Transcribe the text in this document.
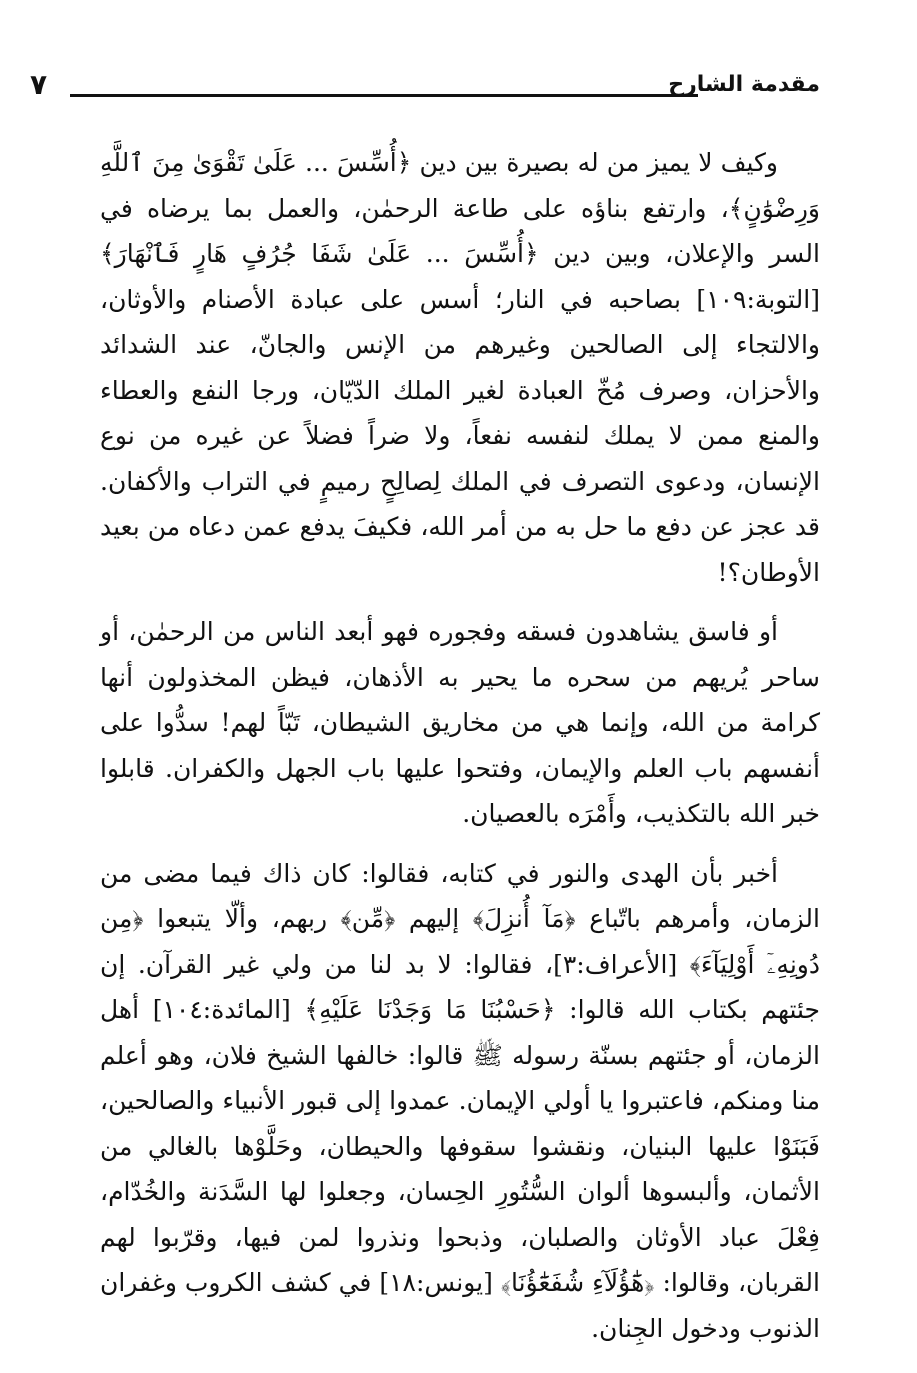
مقدمة الشارح
٧

وكيف لا يميز من له بصيرة بين دين ﴿أُسِّسَ ... عَلَىٰ تَقْوَىٰ مِنَ ٱللَّهِ وَرِضْوَٰنٍ﴾، وارتفع بناؤه على طاعة الرحمٰن، والعمل بما يرضاه في السر والإعلان، وبين دين ﴿أُسِّسَ ... عَلَىٰ شَفَا جُرُفٍ هَارٍ فَٱنْهَارَ﴾ [التوبة:١٠٩] بصاحبه في النار؛ أسس على عبادة الأصنام والأوثان، والالتجاء إلى الصالحين وغيرهم من الإنس والجانّ، عند الشدائد والأحزان، وصرف مُخّ العبادة لغير الملك الدّيّان، ورجا النفع والعطاء والمنع ممن لا يملك لنفسه نفعاً، ولا ضراً فضلاً عن غيره من نوع الإنسان، ودعوى التصرف في الملك لِصالِحٍ رميمٍ في التراب والأكفان. قد عجز عن دفع ما حل به من أمر الله، فكيفَ يدفع عمن دعاه من بعيد الأوطان؟!

أو فاسق يشاهدون فسقه وفجوره فهو أبعد الناس من الرحمٰن، أو ساحر يُريهم من سحره ما يحير به الأذهان، فيظن المخذولون أنها كرامة من الله، وإنما هي من مخاريق الشيطان، تَبّاً لهم! سدُّوا على أنفسهم باب العلم والإيمان، وفتحوا عليها باب الجهل والكفران. قابلوا خبر الله بالتكذيب، وأَمْرَه بالعصيان.

أخبر بأن الهدى والنور في كتابه، فقالوا: كان ذاك فيما مضى من الزمان، وأمرهم باتّباع ﴿مَآ أُنزِلَ﴾ إليهم ﴿مِّن﴾ ربهم، وألّا يتبعوا ﴿مِن دُونِهِۦٓ أَوْلِيَآءَ﴾ [الأعراف:٣]، فقالوا: لا بد لنا من ولي غير القرآن. إن جئتهم بكتاب الله قالوا: ﴿حَسْبُنَا مَا وَجَدْنَا عَلَيْهِ﴾ [المائدة:١٠٤] أهل الزمان، أو جئتهم بسنّة رسوله ﷺ قالوا: خالفها الشيخ فلان، وهو أعلم منا ومنكم، فاعتبروا يا أولي الإيمان. عمدوا إلى قبور الأنبياء والصالحين، فَبَنَوْا عليها البنيان، ونقشوا سقوفها والحيطان، وحَلَّوْها بالغالي من الأثمان، وألبسوها ألوان السُّتُورِ الحِسان، وجعلوا لها السَّدَنة والخُدّام، فِعْلَ عباد الأوثان والصلبان، وذبحوا ونذروا لمن فيها، وقرّبوا لهم القربان، وقالوا: ﴿هَٰٓؤُلَآءِ شُفَعَٰٓؤُنَا﴾ [يونس:١٨] في كشف الكروب وغفران الذنوب ودخول الجِنان.
